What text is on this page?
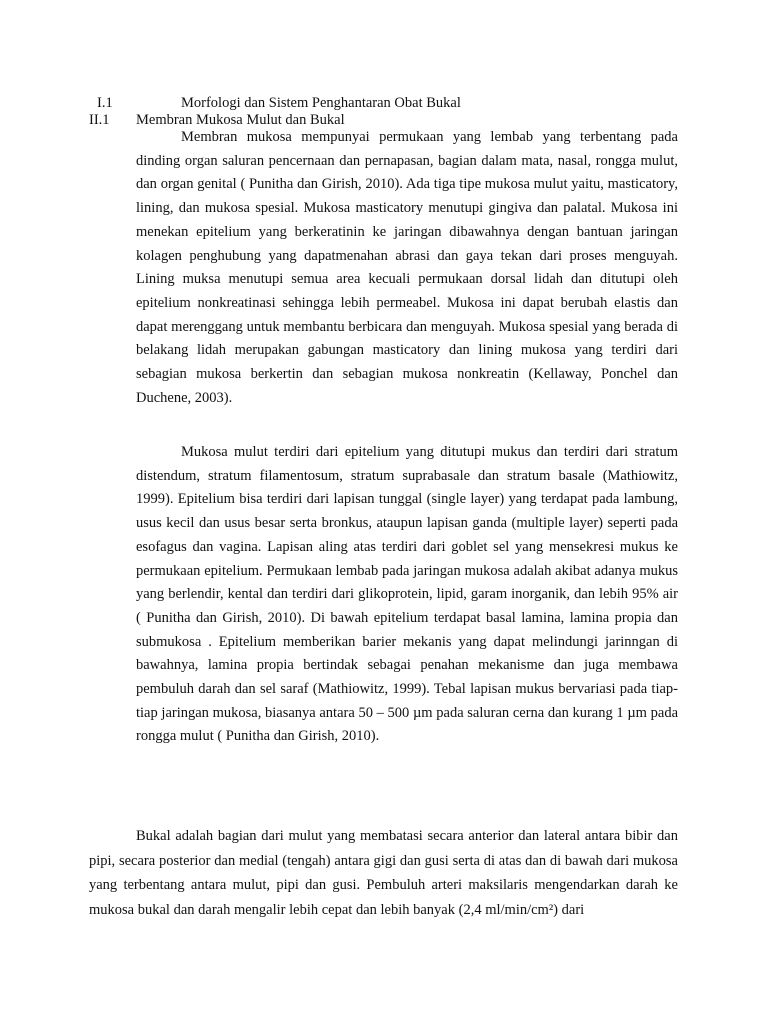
I.1	Morfologi dan Sistem Penghantaran Obat Bukal
II.1 Membran Mukosa Mulut dan Bukal

Membran mukosa mempunyai permukaan yang lembab yang terbentang pada dinding organ saluran pencernaan dan pernapasan, bagian dalam mata, nasal, rongga mulut, dan organ genital ( Punitha dan Girish, 2010). Ada tiga tipe mukosa mulut yaitu, masticatory, lining, dan mukosa spesial. Mukosa masticatory menutupi gingiva dan palatal. Mukosa ini menekan epitelium yang berkeratinin ke jaringan dibawahnya dengan bantuan jaringan kolagen penghubung yang dapatmenahan abrasi dan gaya tekan dari proses menguyah. Lining muksa menutupi semua area kecuali permukaan dorsal lidah dan ditutupi oleh epitelium nonkreatinasi sehingga lebih permeabel. Mukosa ini dapat berubah elastis dan dapat merenggang untuk membantu berbicara dan menguyah. Mukosa spesial yang berada di belakang lidah merupakan gabungan masticatory dan lining mukosa yang terdiri dari sebagian mukosa berkertin dan sebagian mukosa nonkreatin (Kellaway, Ponchel dan Duchene, 2003).

Mukosa mulut terdiri dari epitelium yang ditutupi mukus dan terdiri dari stratum distendum, stratum filamentosum, stratum suprabasale dan stratum basale (Mathiowitz, 1999). Epitelium bisa terdiri dari lapisan tunggal (single layer) yang terdapat pada lambung, usus kecil dan usus besar serta bronkus, ataupun lapisan ganda (multiple layer) seperti pada esofagus dan vagina. Lapisan aling atas terdiri dari goblet sel yang mensekresi mukus ke permukaan epitelium. Permukaan lembab pada jaringan mukosa adalah akibat adanya mukus yang berlendir, kental dan terdiri dari glikoprotein, lipid, garam inorganik, dan lebih 95% air ( Punitha dan Girish, 2010). Di bawah epitelium terdapat basal lamina, lamina propia dan submukosa . Epitelium memberikan barier mekanis yang dapat melindungi jarinngan di bawahnya, lamina propia bertindak sebagai penahan mekanisme dan juga membawa pembuluh darah dan sel saraf (Mathiowitz, 1999). Tebal lapisan mukus bervariasi pada tiap-tiap jaringan mukosa, biasanya antara 50 – 500 µm pada saluran cerna dan kurang 1 µm pada rongga mulut ( Punitha dan Girish, 2010).

Bukal adalah bagian dari mulut yang membatasi secara anterior dan lateral antara bibir dan pipi, secara posterior dan medial (tengah) antara gigi dan gusi serta di atas dan di bawah dari mukosa yang terbentang antara mulut, pipi dan gusi. Pembuluh arteri maksilaris mengendarkan darah ke mukosa bukal dan darah mengalir lebih cepat dan lebih banyak (2,4 ml/min/cm²) dari
